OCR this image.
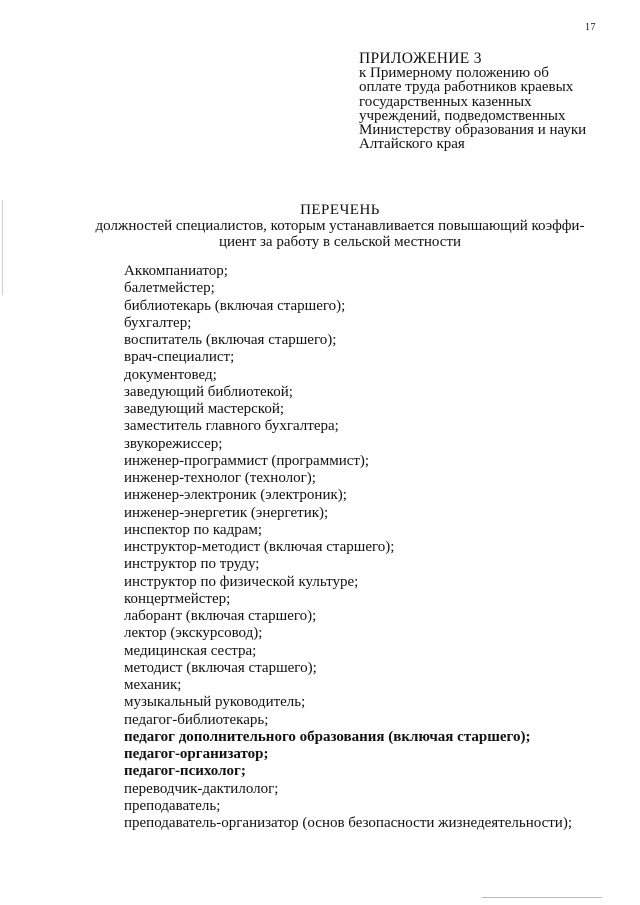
17
ПРИЛОЖЕНИЕ 3
к Примерному положению об
оплате труда работников краевых
государственных казенных
учреждений, подведомственных
Министерству образования и науки
Алтайского края
ПЕРЕЧЕНЬ
должностей специалистов, которым устанавливается повышающий коэффи-
циент за работу в сельской местности
Аккомпаниатор;
балетмейстер;
библиотекарь (включая старшего);
бухгалтер;
воспитатель (включая старшего);
врач-специалист;
документовед;
заведующий библиотекой;
заведующий мастерской;
заместитель главного бухгалтера;
звукорежиссер;
инженер-программист (программист);
инженер-технолог (технолог);
инженер-электроник (электроник);
инженер-энергетик (энергетик);
инспектор по кадрам;
инструктор-методист (включая старшего);
инструктор по труду;
инструктор по физической культуре;
концертмейстер;
лаборант (включая старшего);
лектор (экскурсовод);
медицинская сестра;
методист (включая старшего);
механик;
музыкальный руководитель;
педагог-библиотекарь;
педагог дополнительного образования (включая старшего);
педагог-организатор;
педагог-психолог;
переводчик-дактилолог;
преподаватель;
преподаватель-организатор (основ безопасности жизнедеятельности);
